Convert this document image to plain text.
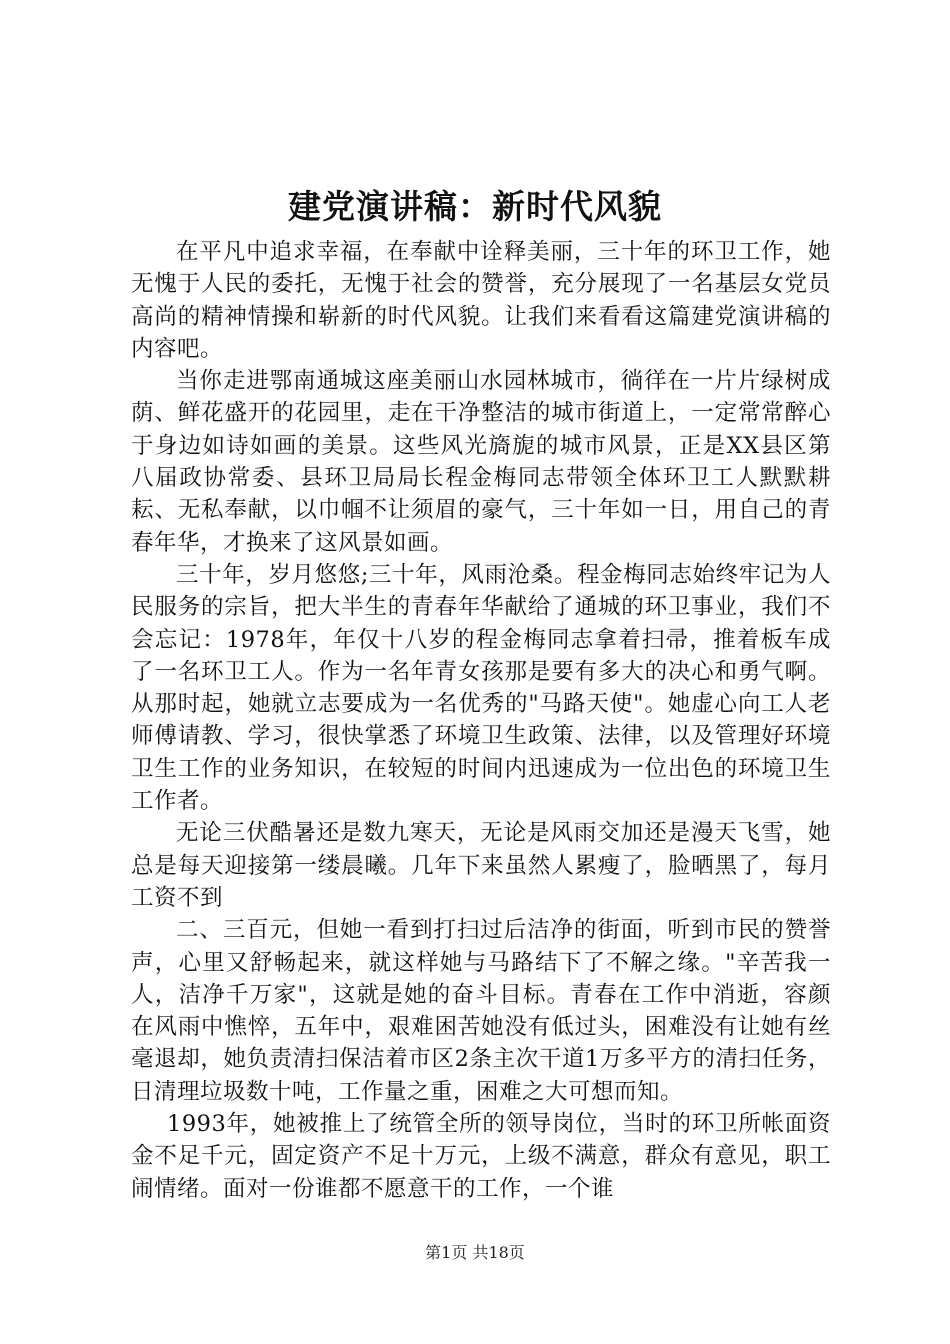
建党演讲稿：新时代风貌

在平凡中追求幸福，在奉献中诠释美丽，三十年的环卫工作，她无愧于人民的委托，无愧于社会的赞誉，充分展现了一名基层女党员高尚的精神情操和崭新的时代风貌。让我们来看看这篇建党演讲稿的内容吧。

当你走进鄂南通城这座美丽山水园林城市，徜徉在一片片绿树成荫、鲜花盛开的花园里，走在干净整洁的城市街道上，一定常常醉心于身边如诗如画的美景。这些风光旖旎的城市风景，正是XX县区第八届政协常委、县环卫局局长程金梅同志带领全体环卫工人默默耕耘、无私奉献，以巾帼不让须眉的豪气，三十年如一日，用自己的青春年华，才换来了这风景如画。

三十年，岁月悠悠;三十年，风雨沧桑。程金梅同志始终牢记为人民服务的宗旨，把大半生的青春年华献给了通城的环卫事业，我们不会忘记：1978年，年仅十八岁的程金梅同志拿着扫帚，推着板车成了一名环卫工人。作为一名年青女孩那是要有多大的决心和勇气啊。从那时起，她就立志要成为一名优秀的"马路天使"。她虚心向工人老师傅请教、学习，很快掌悉了环境卫生政策、法律，以及管理好环境卫生工作的业务知识，在较短的时间内迅速成为一位出色的环境卫生工作者。

无论三伏酷暑还是数九寒天，无论是风雨交加还是漫天飞雪，她总是每天迎接第一缕晨曦。几年下来虽然人累瘦了，脸晒黑了，每月工资不到

二、三百元，但她一看到打扫过后洁净的街面，听到市民的赞誉声，心里又舒畅起来，就这样她与马路结下了不解之缘。"辛苦我一人，洁净千万家"，这就是她的奋斗目标。青春在工作中消逝，容颜在风雨中憔悴，五年中，艰难困苦她没有低过头，困难没有让她有丝毫退却，她负责清扫保洁着市区2条主次干道1万多平方的清扫任务，日清理垃圾数十吨，工作量之重，困难之大可想而知。

1993年，她被推上了统管全所的领导岗位，当时的环卫所帐面资金不足千元，固定资产不足十万元，上级不满意，群众有意见，职工闹情绪。面对一份谁都不愿意干的工作，一个谁

第1页 共18页
